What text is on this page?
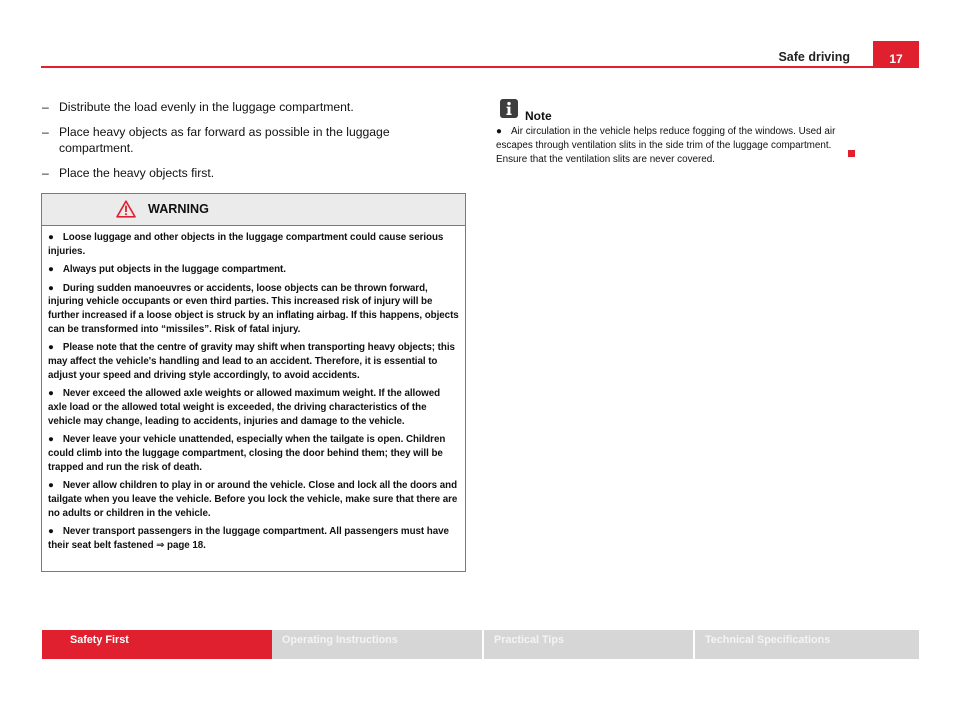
Safe driving	17
– Distribute the load evenly in the luggage compartment.
– Place heavy objects as far forward as possible in the luggage compartment.
– Place the heavy objects first.
WARNING

● Loose luggage and other objects in the luggage compartment could cause serious injuries.

● Always put objects in the luggage compartment.

● During sudden manoeuvres or accidents, loose objects can be thrown forward, injuring vehicle occupants or even third parties. This increased risk of injury will be further increased if a loose object is struck by an inflating airbag. If this happens, objects can be transformed into “missiles”. Risk of fatal injury.

● Please note that the centre of gravity may shift when transporting heavy objects; this may affect the vehicle's handling and lead to an accident. Therefore, it is essential to adjust your speed and driving style accordingly, to avoid accidents.

● Never exceed the allowed axle weights or allowed maximum weight. If the allowed axle load or the allowed total weight is exceeded, the driving characteristics of the vehicle may change, leading to accidents, injuries and damage to the vehicle.

● Never leave your vehicle unattended, especially when the tailgate is open. Children could climb into the luggage compartment, closing the door behind them; they will be trapped and run the risk of death.

● Never allow children to play in or around the vehicle. Close and lock all the doors and tailgate when you leave the vehicle. Before you lock the vehicle, make sure that there are no adults or children in the vehicle.

● Never transport passengers in the luggage compartment. All passengers must have their seat belt fastened ⇒ page 18.

Note
● Air circulation in the vehicle helps reduce fogging of the windows. Used air escapes through ventilation slits in the side trim of the luggage compartment. Ensure that the ventilation slits are never covered.
Safety First	Operating Instructions	Practical Tips	Technical Specifications
